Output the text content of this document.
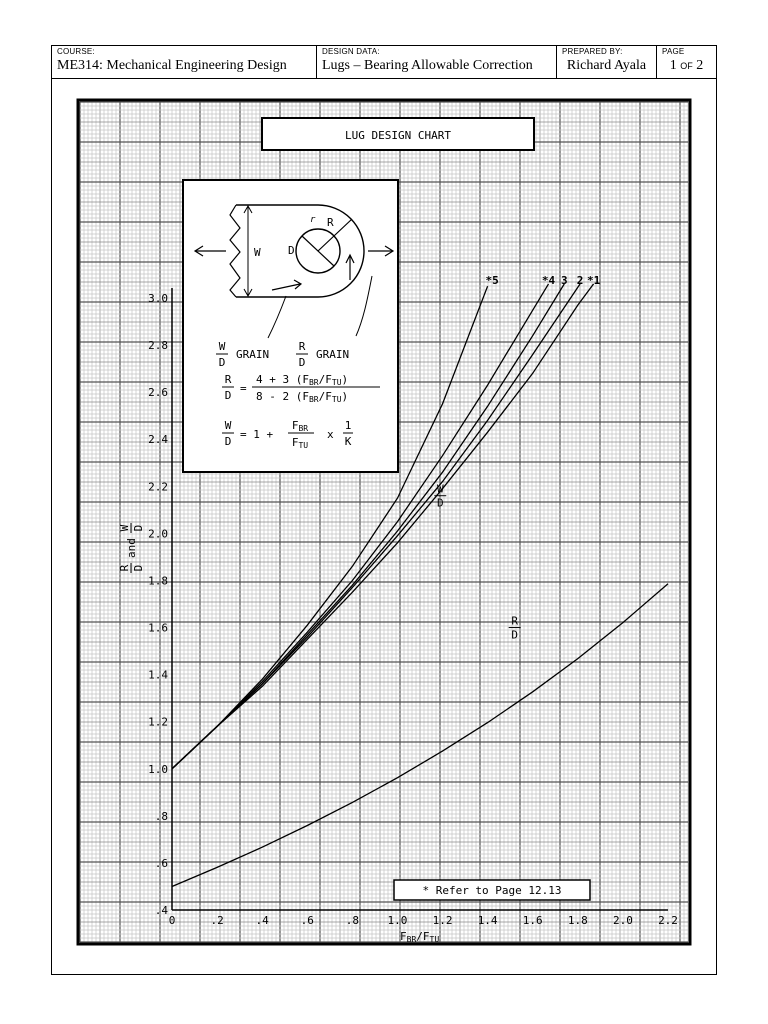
COURSE:
ME314: Mechanical Engineering Design
DESIGN DATA:
Lugs – Bearing Allowable Correction
PREPARED BY:
Richard Ayala
PAGE
1 OF 2
LUG DESIGN CHART
W D
R
r
W
D
GRAIN
R
D
GRAIN
R
D
=
4 + 3 (FBR/FTU)
8 - 2 (FBR/FTU)
W
D
= 1 +
FBR
FTU
x
1
K
R
D
*5	*4 3 2 *1
W
D
0	.2	.4	.6	.8	1.0 1.2 1.4 1.6 1.8 2.0 2.2
.4
.6
.8
1.0
1.2
1.4
1.6
1.8
2.0
2.2
2.4
2.6
2.8
3.0
R D
and
W D
FBR/FTU
* Refer to Page 12.13
